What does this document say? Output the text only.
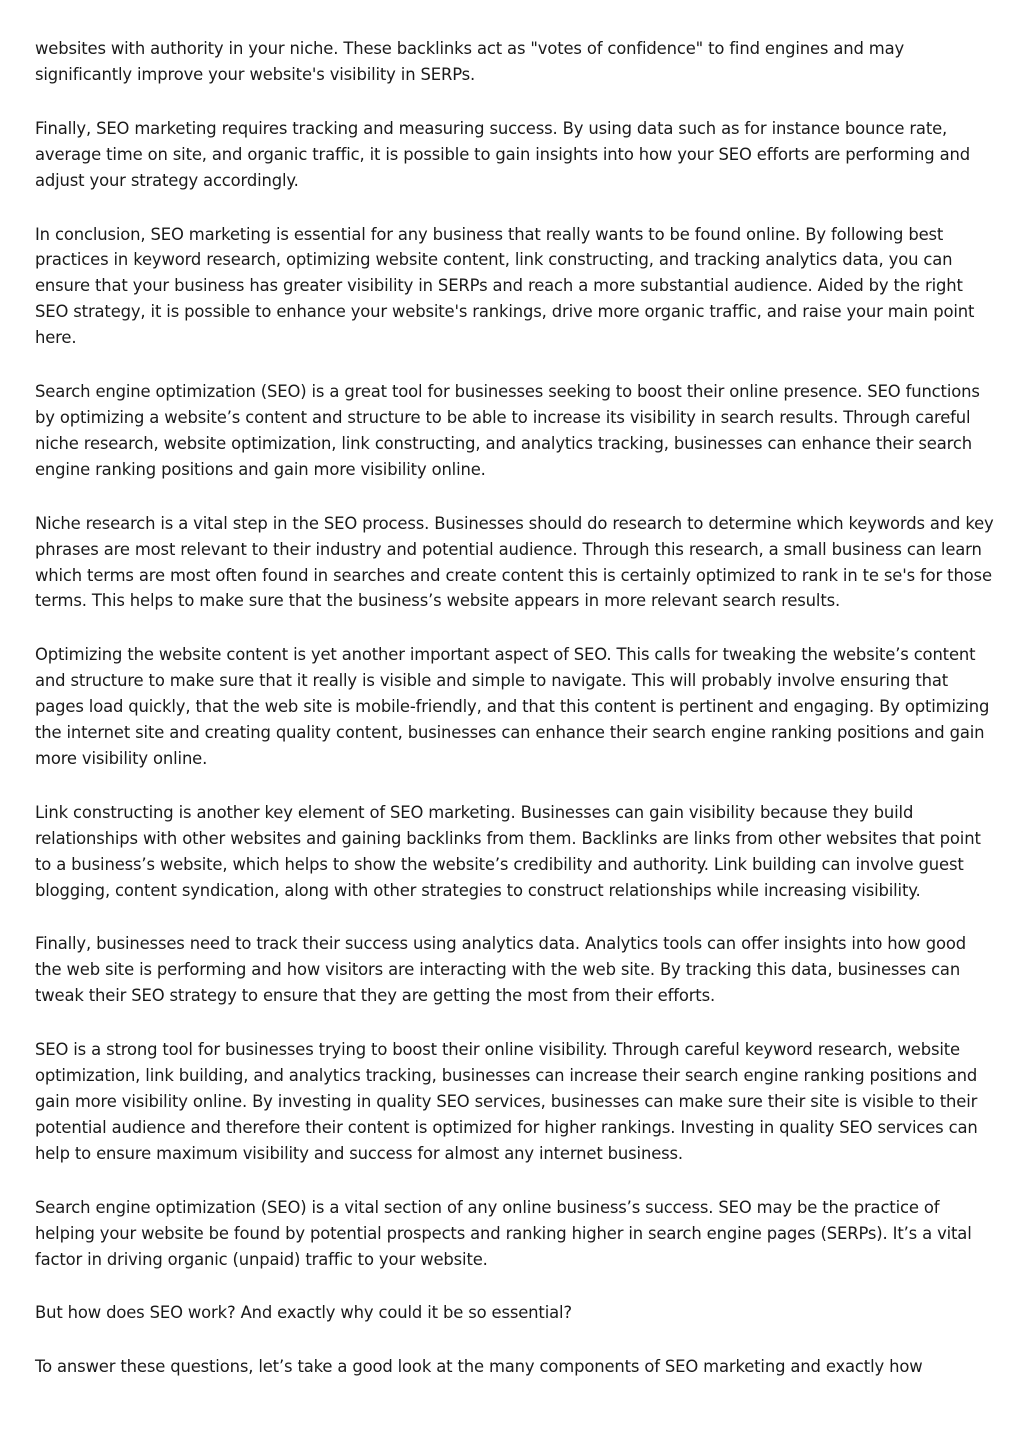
websites with authority in your niche. These backlinks act as "votes of confidence" to find engines and may significantly improve your website's visibility in SERPs.

Finally, SEO marketing requires tracking and measuring success. By using data such as for instance bounce rate, average time on site, and organic traffic, it is possible to gain insights into how your SEO efforts are performing and adjust your strategy accordingly.

In conclusion, SEO marketing is essential for any business that really wants to be found online. By following best practices in keyword research, optimizing website content, link constructing, and tracking analytics data, you can ensure that your business has greater visibility in SERPs and reach a more substantial audience. Aided by the right SEO strategy, it is possible to enhance your website's rankings, drive more organic traffic, and raise your main point here.

Search engine optimization (SEO) is a great tool for businesses seeking to boost their online presence. SEO functions by optimizing a website’s content and structure to be able to increase its visibility in search results. Through careful niche research, website optimization, link constructing, and analytics tracking, businesses can enhance their search engine ranking positions and gain more visibility online.

Niche research is a vital step in the SEO process. Businesses should do research to determine which keywords and key phrases are most relevant to their industry and potential audience. Through this research, a small business can learn which terms are most often found in searches and create content this is certainly optimized to rank in te se's for those terms. This helps to make sure that the business’s website appears in more relevant search results.

Optimizing the website content is yet another important aspect of SEO. This calls for tweaking the website’s content and structure to make sure that it really is visible and simple to navigate. This will probably involve ensuring that pages load quickly, that the web site is mobile-friendly, and that this content is pertinent and engaging. By optimizing the internet site and creating quality content, businesses can enhance their search engine ranking positions and gain more visibility online.

Link constructing is another key element of SEO marketing. Businesses can gain visibility because they build relationships with other websites and gaining backlinks from them. Backlinks are links from other websites that point to a business’s website, which helps to show the website’s credibility and authority. Link building can involve guest blogging, content syndication, along with other strategies to construct relationships while increasing visibility.

Finally, businesses need to track their success using analytics data. Analytics tools can offer insights into how good the web site is performing and how visitors are interacting with the web site. By tracking this data, businesses can tweak their SEO strategy to ensure that they are getting the most from their efforts.

SEO is a strong tool for businesses trying to boost their online visibility. Through careful keyword research, website optimization, link building, and analytics tracking, businesses can increase their search engine ranking positions and gain more visibility online. By investing in quality SEO services, businesses can make sure their site is visible to their potential audience and therefore their content is optimized for higher rankings. Investing in quality SEO services can help to ensure maximum visibility and success for almost any internet business.

Search engine optimization (SEO) is a vital section of any online business’s success. SEO may be the practice of helping your website be found by potential prospects and ranking higher in search engine pages (SERPs). It’s a vital factor in driving organic (unpaid) traffic to your website.

But how does SEO work? And exactly why could it be so essential?

To answer these questions, let’s take a good look at the many components of SEO marketing and exactly how
